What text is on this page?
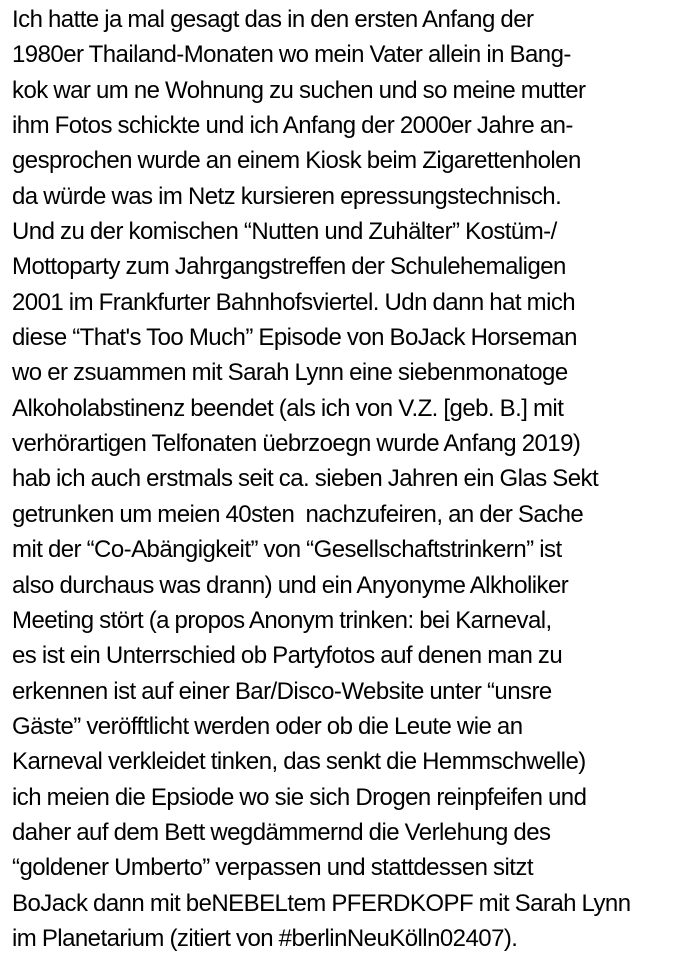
Ich hatte ja mal gesagt das in den ersten Anfang der
1980er Thailand-Monaten wo mein Vater allein in Bang-
kok war um ne Wohnung zu suchen und so meine mutter
ihm Fotos schickte und ich Anfang der 2000er Jahre an-
gesprochen wurde an einem Kiosk beim Zigarettenholen
da würde was im Netz kursieren epressungstechnisch.
Und zu der komischen “Nutten und Zuhälter” Kostüm-/
Mottoparty zum Jahrgangstreffen der Schulehemaligen
2001 im Frankfurter Bahnhofsviertel. Udn dann hat mich
diese “That's Too Much” Episode von BoJack Horseman
wo er zsuammen mit Sarah Lynn eine siebenmonatoge
Alkoholabstinenz beendet (als ich von V.Z. [geb. B.] mit
verhörartigen Telfonaten üebrzoegn wurde Anfang 2019)
hab ich auch erstmals seit ca. sieben Jahren ein Glas Sekt
getrunken um meien 40sten  nachzufeiren, an der Sache
mit der “Co-Abängigkeit” von “Gesellschaftstrinkern” ist
also durchaus was drann) und ein Anyonyme Alkholiker
Meeting stört (a propos Anonym trinken: bei Karneval,
es ist ein Unterrschied ob Partyfotos auf denen man zu
erkennen ist auf einer Bar/Disco-Website unter “unsre
Gäste” veröfftlicht werden oder ob die Leute wie an
Karneval verkleidet tinken, das senkt die Hemmschwelle)
ich meien die Epsiode wo sie sich Drogen reinpfeifen und
daher auf dem Bett wegdämmernd die Verlehung des
“goldener Umberto” verpassen und stattdessen sitzt
BoJack dann mit beNEBELtem PFERDKOPF mit Sarah Lynn
im Planetarium (zitiert von #berlinNeuKölln02407).
